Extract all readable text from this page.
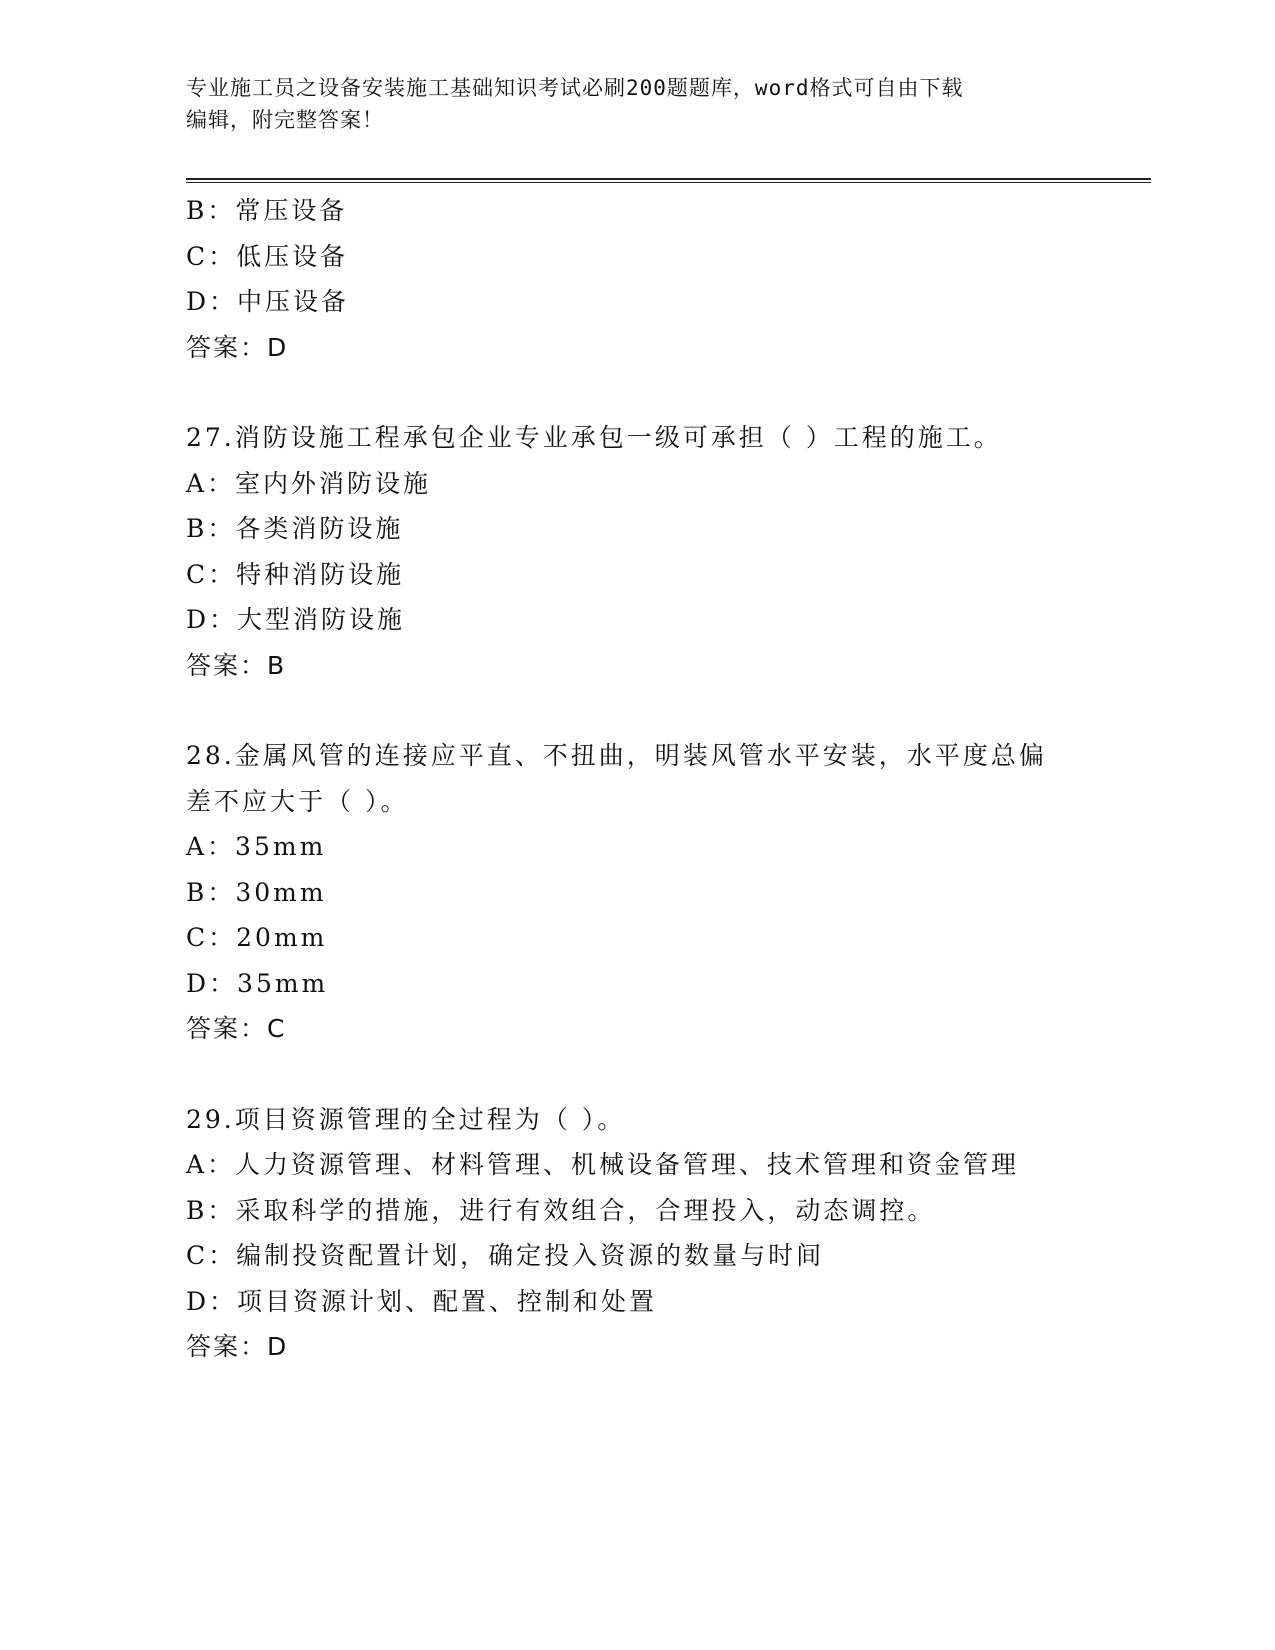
专业施工员之设备安装施工基础知识考试必刷200题题库，word格式可自由下载
编辑，附完整答案！
B：常压设备
C：低压设备
D：中压设备
答案：D
27.消防设施工程承包企业专业承包一级可承担（ ）工程的施工。
A：室内外消防设施
B：各类消防设施
C：特种消防设施
D：大型消防设施
答案：B
28.金属风管的连接应平直、不扭曲，明装风管水平安装，水平度总偏
差不应大于（ ）。
A：35mm
B：30mm
C：20mm
D：35mm
答案：C
29.项目资源管理的全过程为（ ）。
A：人力资源管理、材料管理、机械设备管理、技术管理和资金管理
B：采取科学的措施，进行有效组合，合理投入，动态调控。
C：编制投资配置计划，确定投入资源的数量与时间
D：项目资源计划、配置、控制和处置
答案：D
